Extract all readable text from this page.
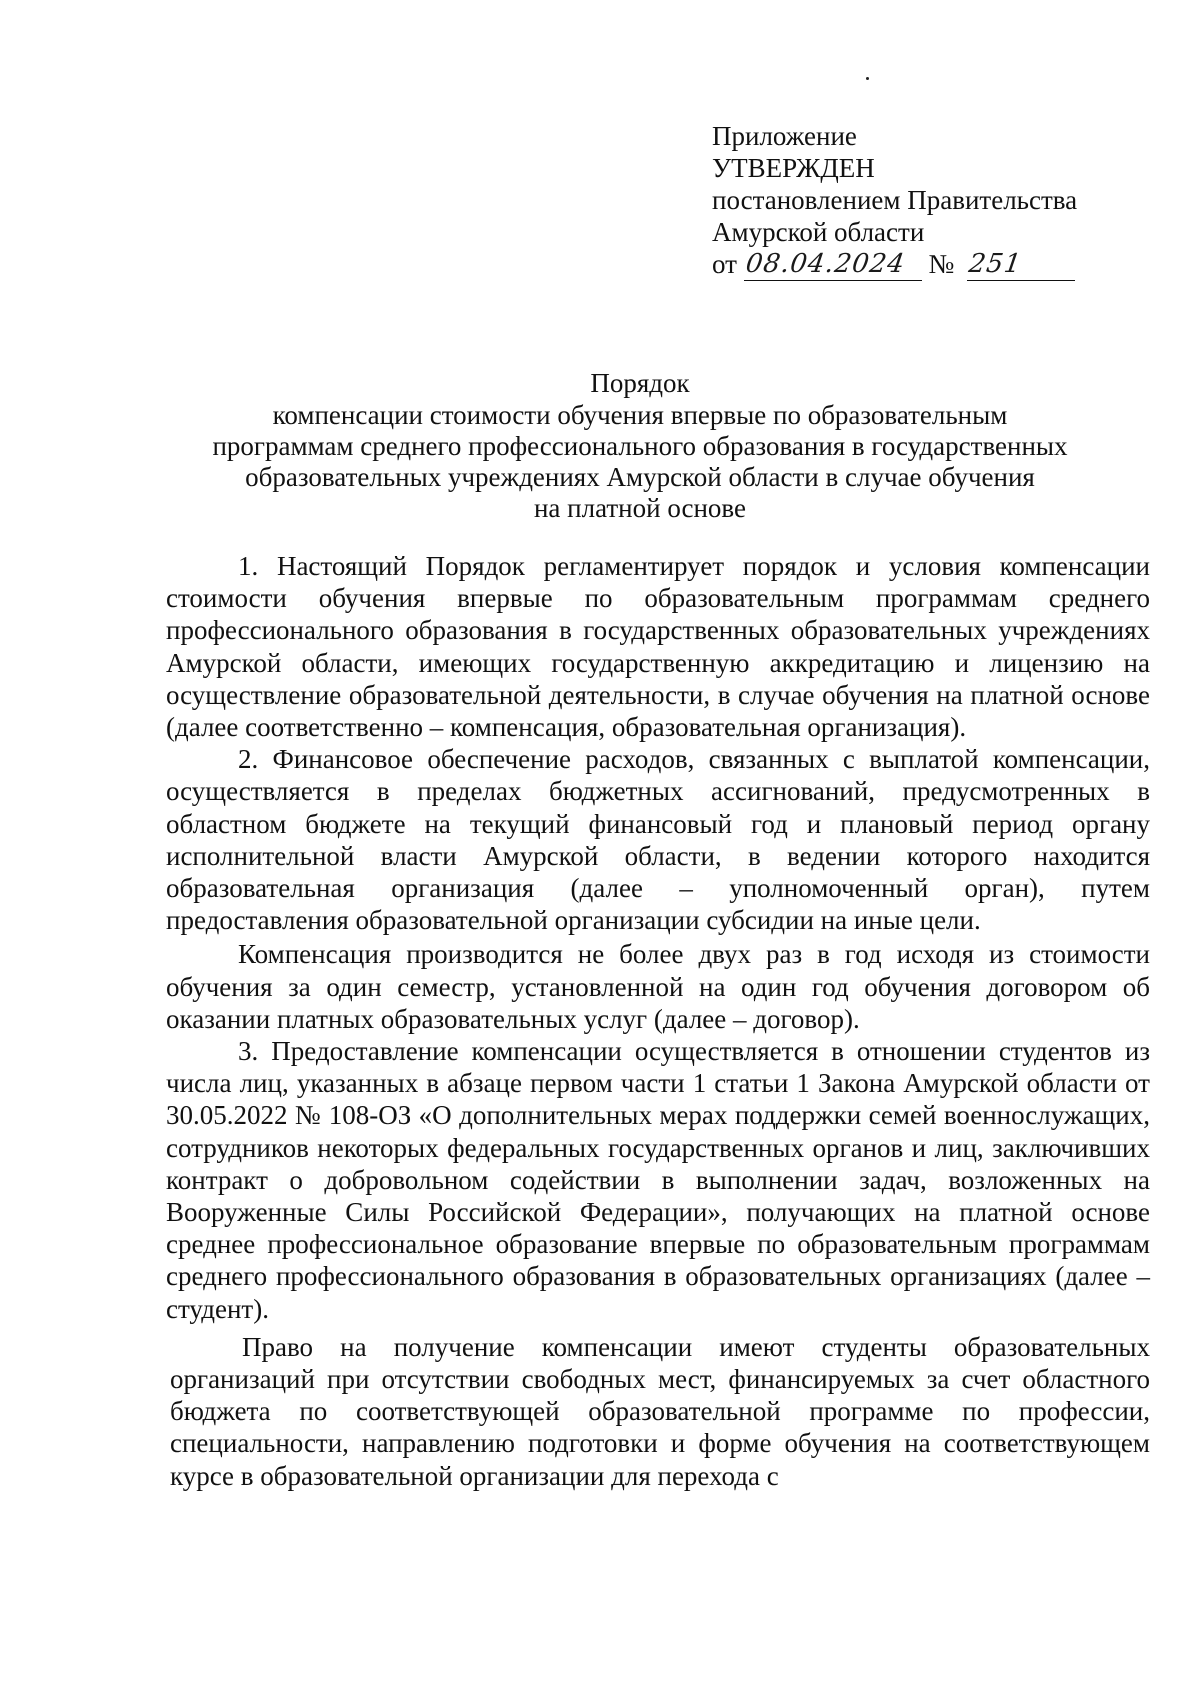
Приложение
УТВЕРЖДЕН
постановлением Правительства
Амурской области
от 08.04.2024 № 251
Порядок
компенсации стоимости обучения впервые по образовательным
программам среднего профессионального образования в государственных
образовательных учреждениях Амурской области в случае обучения
на платной основе

1. Настоящий Порядок регламентирует порядок и условия компенсации стоимости обучения впервые по образовательным программам среднего профессионального образования в государственных образовательных учреждениях Амурской области, имеющих государственную аккредитацию и лицензию на осуществление образовательной деятельности, в случае обучения на платной основе (далее соответственно – компенсация, образовательная организация).

2. Финансовое обеспечение расходов, связанных с выплатой компенсации, осуществляется в пределах бюджетных ассигнований, предусмотренных в областном бюджете на текущий финансовый год и плановый период органу исполнительной власти Амурской области, в ведении которого находится образовательная организация (далее – уполномоченный орган), путем предоставления образовательной организации субсидии на иные цели.

Компенсация производится не более двух раз в год исходя из стоимости обучения за один семестр, установленной на один год обучения договором об оказании платных образовательных услуг (далее – договор).

3. Предоставление компенсации осуществляется в отношении студентов из числа лиц, указанных в абзаце первом части 1 статьи 1 Закона Амурской области от 30.05.2022 № 108-ОЗ «О дополнительных мерах поддержки семей военнослужащих, сотрудников некоторых федеральных государственных органов и лиц, заключивших контракт о добровольном содействии в выполнении задач, возложенных на Вооруженные Силы Российской Федерации», получающих на платной основе среднее профессиональное образование впервые по образовательным программам среднего профессионального образования в образовательных организациях (далее – студент).

Право на получение компенсации имеют студенты образовательных организаций при отсутствии свободных мест, финансируемых за счет областного бюджета по соответствующей образовательной программе по профессии, специальности, направлению подготовки и форме обучения на соответствующем курсе в образовательной организации для перехода с
